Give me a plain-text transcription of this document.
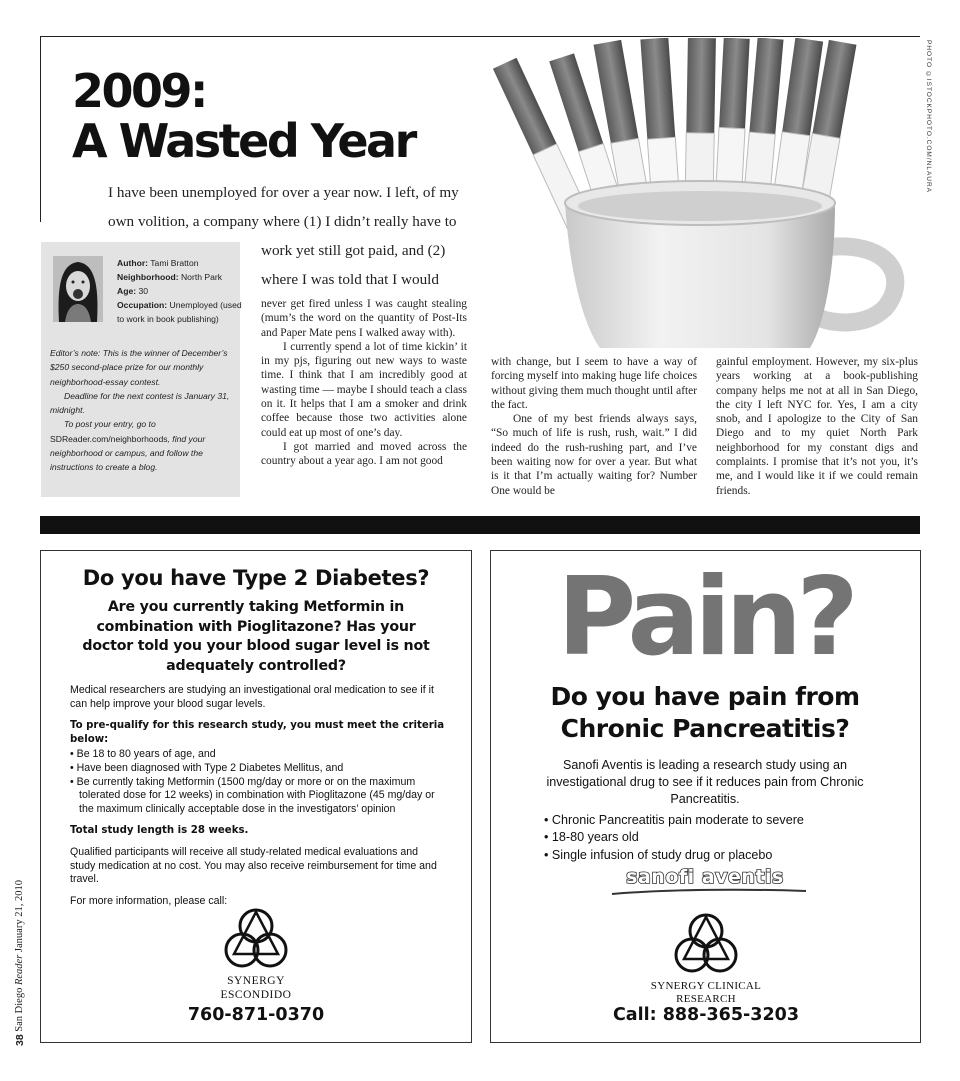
PHOTO ©ISTOCKPHOTO.COM/NLAURA
2009:
A Wasted Year
I have been unemployed for over a year now. I left, of my
own volition, a company where (1) I didn’t really have to
work yet still got paid, and (2)
where I was told that I would
Author: Tami Bratton
Neighborhood: North Park
Age: 30
Occupation: Unemployed (used to work in book publishing)

Editor’s note: This is the winner of December’s $250 second-place prize for our monthly neighborhood-essay contest.

Deadline for the next contest is January 31, midnight.

To post your entry, go to SDReader.com/neighborhoods, find your neighborhood or campus, and follow the instructions to create a blog.

never get fired unless I was caught stealing (mum’s the word on the quantity of Post-Its and Paper Mate pens I walked away with).

I currently spend a lot of time kickin’ it in my pjs, figuring out new ways to waste time. I think that I am incredibly good at wasting time — maybe I should teach a class on it. It helps that I am a smoker and drink coffee because those two activities alone could eat up most of one’s day.

I got married and moved across the country about a year ago. I am not good

with change, but I seem to have a way of forcing myself into making huge life choices without giving them much thought until after the fact.

One of my best friends always says, “So much of life is rush, rush, wait.” I did indeed do the rush-rushing part, and I’ve been waiting now for over a year. But what is it that I’m actually waiting for? Number One would be

gainful employment. However, my six-plus years working at a book-publishing company helps me not at all in San Diego, the city I left NYC for. Yes, I am a city snob, and I apologize to the City of San Diego and to my quiet North Park neighborhood for my constant digs and complaints. I promise that it’s not you, it’s me, and I would like it if we could remain friends.

Do you have Type 2 Diabetes?
Are you currently taking Metformin in combination with Pioglitazone? Has your doctor told you your blood sugar level is not adequately controlled?

Medical researchers are studying an investigational oral medication to see if it can help improve your blood sugar levels.

To pre-qualify for this research study, you must meet the criteria below:

• Be 18 to 80 years of age, and
• Have been diagnosed with Type 2 Diabetes Mellitus, and
• Be currently taking Metformin (1500 mg/day or more or on the maximum tolerated dose for 12 weeks) in combination with Pioglitazone (45 mg/day or the maximum clinically acceptable dose in the investigators’ opinion

Total study length is 28 weeks.

Qualified participants will receive all study-related medical evaluations and study medication at no cost. You may also receive reimbursement for time and travel.

For more information, please call:

SYNERGY
ESCONDIDO
760-871-0370
Pain?
Do you have pain from
Chronic Pancreatitis?
Sanofi Aventis is leading a research study using an investigational drug to see if it reduces pain from Chronic Pancreatitis.
• Chronic Pancreatitis pain moderate to severe
• 18-80 years old
• Single infusion of study drug or placebo
sanofi aventis
SYNERGY CLINICAL
RESEARCH
Call: 888-365-3203
38 San Diego Reader January 21, 2010
